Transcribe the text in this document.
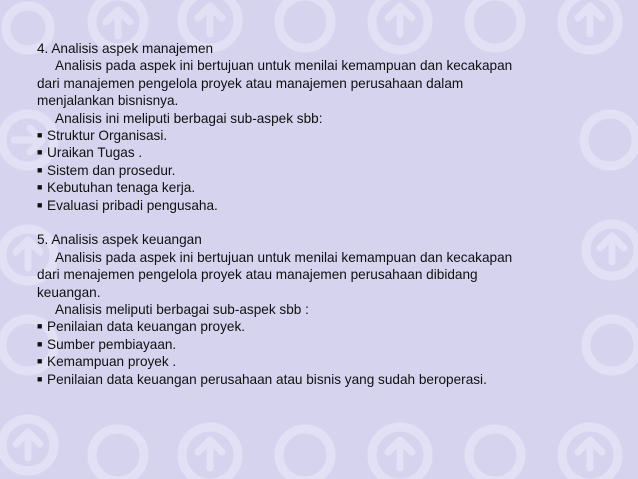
4. Analisis aspek manajemen
Analisis pada aspek ini bertujuan untuk menilai kemampuan dan kecakapan
dari manajemen pengelola proyek atau manajemen perusahaan dalam
menjalankan bisnisnya.
Analisis ini meliputi berbagai sub-aspek sbb:
■ Struktur Organisasi.
■ Uraikan Tugas .
■ Sistem dan prosedur.
■ Kebutuhan tenaga kerja.
■ Evaluasi pribadi pengusaha.
5. Analisis aspek keuangan
Analisis pada aspek ini bertujuan untuk menilai kemampuan dan kecakapan
dari menajemen pengelola proyek atau manajemen perusahaan dibidang
keuangan.
Analisis meliputi berbagai sub-aspek sbb :
■ Penilaian data keuangan proyek.
■ Sumber pembiayaan.
■ Kemampuan proyek .
■ Penilaian data keuangan perusahaan atau bisnis yang sudah beroperasi.
